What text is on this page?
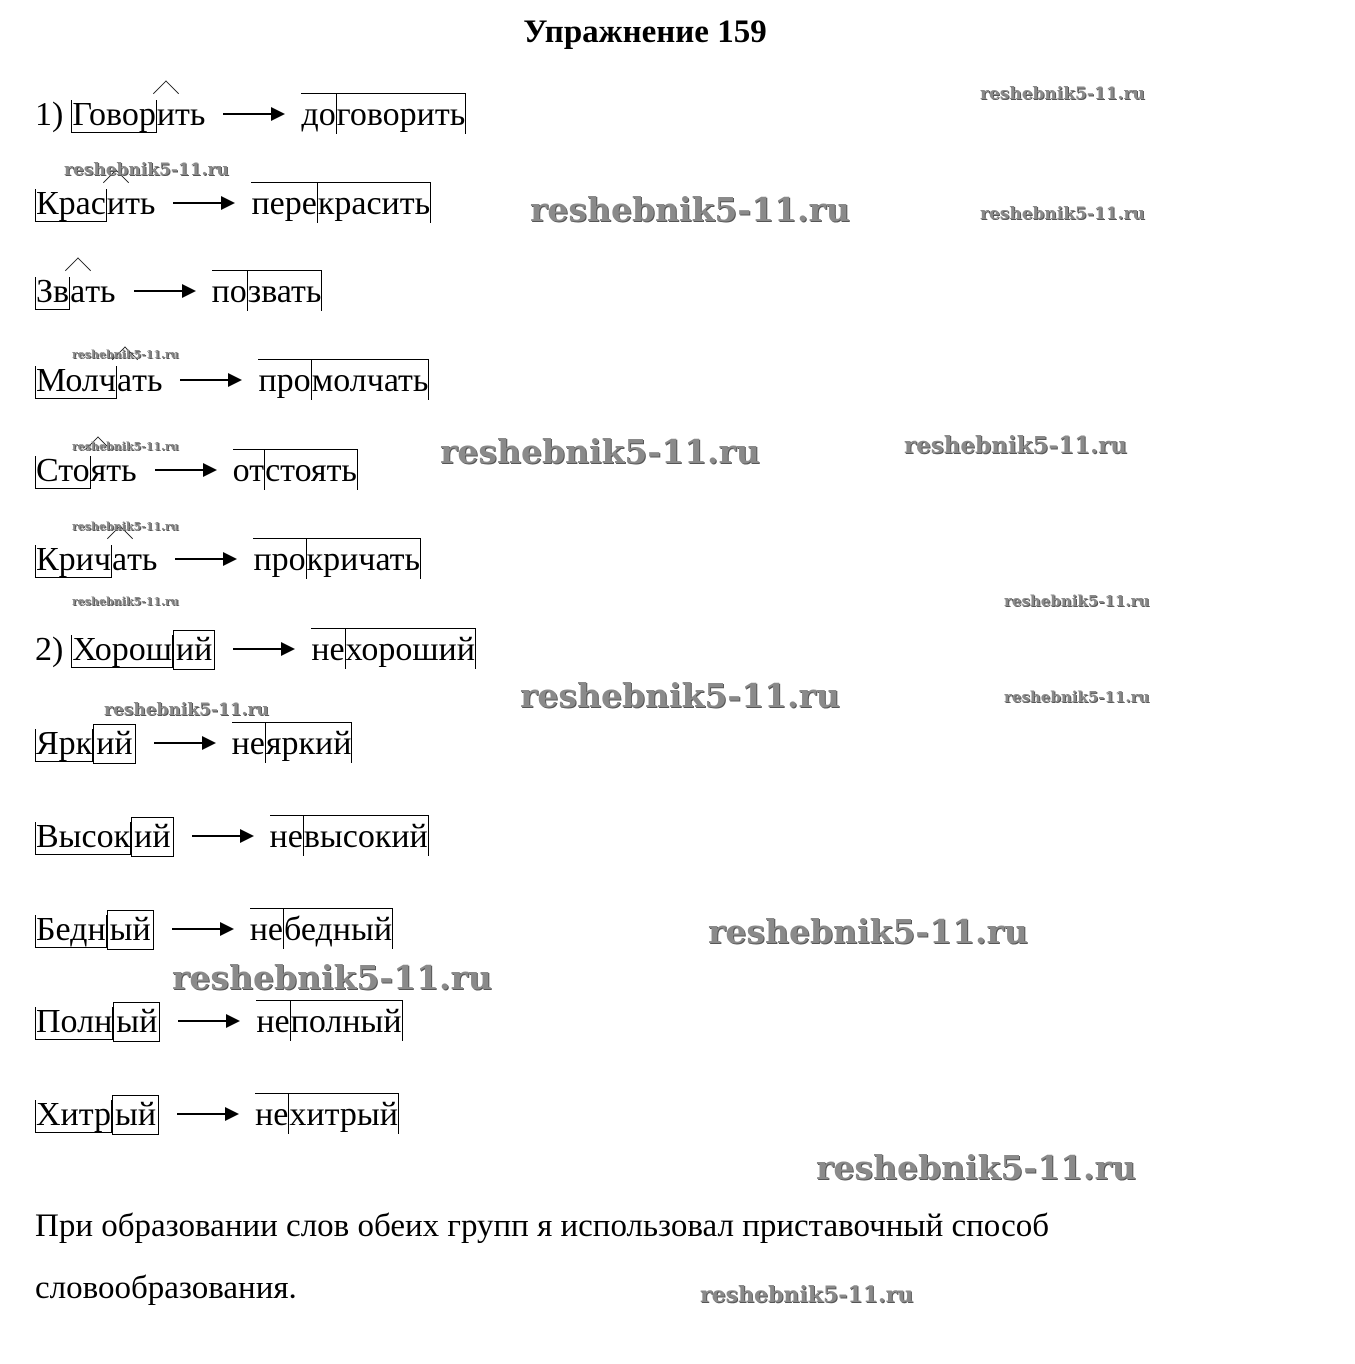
Упражнение 159
1) Говорить	договорить
Красить	перекрасить
Звать	позвать
Молчать	промолчать
Стоять	отстоять
Кричать	прокричать
2) Хорош ий	нехороший
Ярк ий	неяркий
Высок ий	невысокий
Бедн ый	небедный
Полн ый	неполный
Хитр ый	нехитрый
При образовании слов обеих групп я использовал приставочный способ словообразования.
reshebnik5-11.ru
reshebnik5-11.ru
reshebnik5-11.ru	reshebnik5-11.ru
reshebnik5-11.ru
reshebnik5-11.ru	reshebnik5-11.ru
reshebnik5-11.ru
reshebnik5-11.ru
reshebnik5-11.ru	reshebnik5-11.ru
reshebnik5-11.ru	reshebnik5-11.ru
reshebnik5-11.ru
reshebnik5-11.ru
reshebnik5-11.ru
reshebnik5-11.ru
reshebnik5-11.ru
